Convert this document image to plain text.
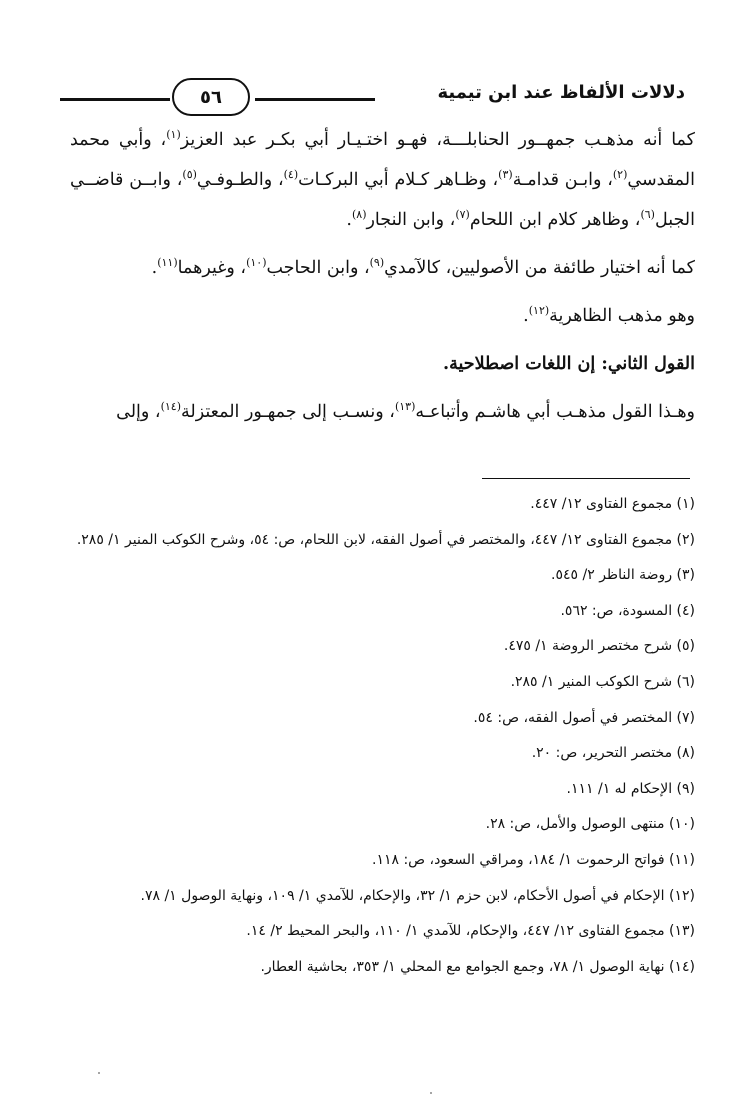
٥٦	دلالات الألفاظ عند ابن تيمية

كما أنه مذهـب جمهــور الحنابلـــة، فهـو اختـيـار أبي بكـر عبد العزيز$^{(١)}$، وأبي محمد المقدسي$^{(٢)}$، وابـن قدامـة$^{(٣)}$، وظـاهر كـلام أبي البركـات$^{(٤)}$، والطـوفـي$^{(٥)}$، وابــن قاضــي الجبل$^{(٦)}$، وظاهر كلام ابن اللحام$^{(٧)}$، وابن النجار$^{(٨)}$.

كما أنه اختيار طائفة من الأصوليين، كالآمدي$^{(٩)}$، وابن الحاجب$^{(١٠)}$، وغيرهما$^{(١١)}$.

وهو مذهب الظاهرية$^{(١٢)}$.

القول الثاني: إن اللغات اصطلاحية.

وهـذا القول مذهـب أبي هاشـم وأتباعـه$^{(١٣)}$، ونسـب إلى جمهـور المعتزلة$^{(١٤)}$، وإلى

(١) مجموع الفتاوى ١٢/ ٤٤٧.
(٢) مجموع الفتاوى ١٢/ ٤٤٧، والمختصر في أصول الفقه، لابن اللحام، ص: ٥٤، وشرح الكوكب المنير ١/ ٢٨٥.
(٣) روضة الناظر ٢/ ٥٤٥.
(٤) المسودة، ص: ٥٦٢.
(٥) شرح مختصر الروضة ١/ ٤٧٥.
(٦) شرح الكوكب المنير ١/ ٢٨٥.
(٧) المختصر في أصول الفقه، ص: ٥٤.
(٨) مختصر التحرير، ص: ٢٠.
(٩) الإحكام له ١/ ١١١.
(١٠) منتهى الوصول والأمل، ص: ٢٨.
(١١) فواتح الرحموت ١/ ١٨٤، ومراقي السعود، ص: ١١٨.
(١٢) الإحكام في أصول الأحكام، لابن حزم ١/ ٣٢، والإحكام، للآمدي ١/ ١٠٩، ونهاية الوصول ١/ ٧٨.
(١٣) مجموع الفتاوى ١٢/ ٤٤٧، والإحكام، للآمدي ١/ ١١٠، والبحر المحيط ٢/ ١٤.
(١٤) نهاية الوصول ١/ ٧٨، وجمع الجوامع مع المحلي ١/ ٣٥٣، بحاشية العطار.
